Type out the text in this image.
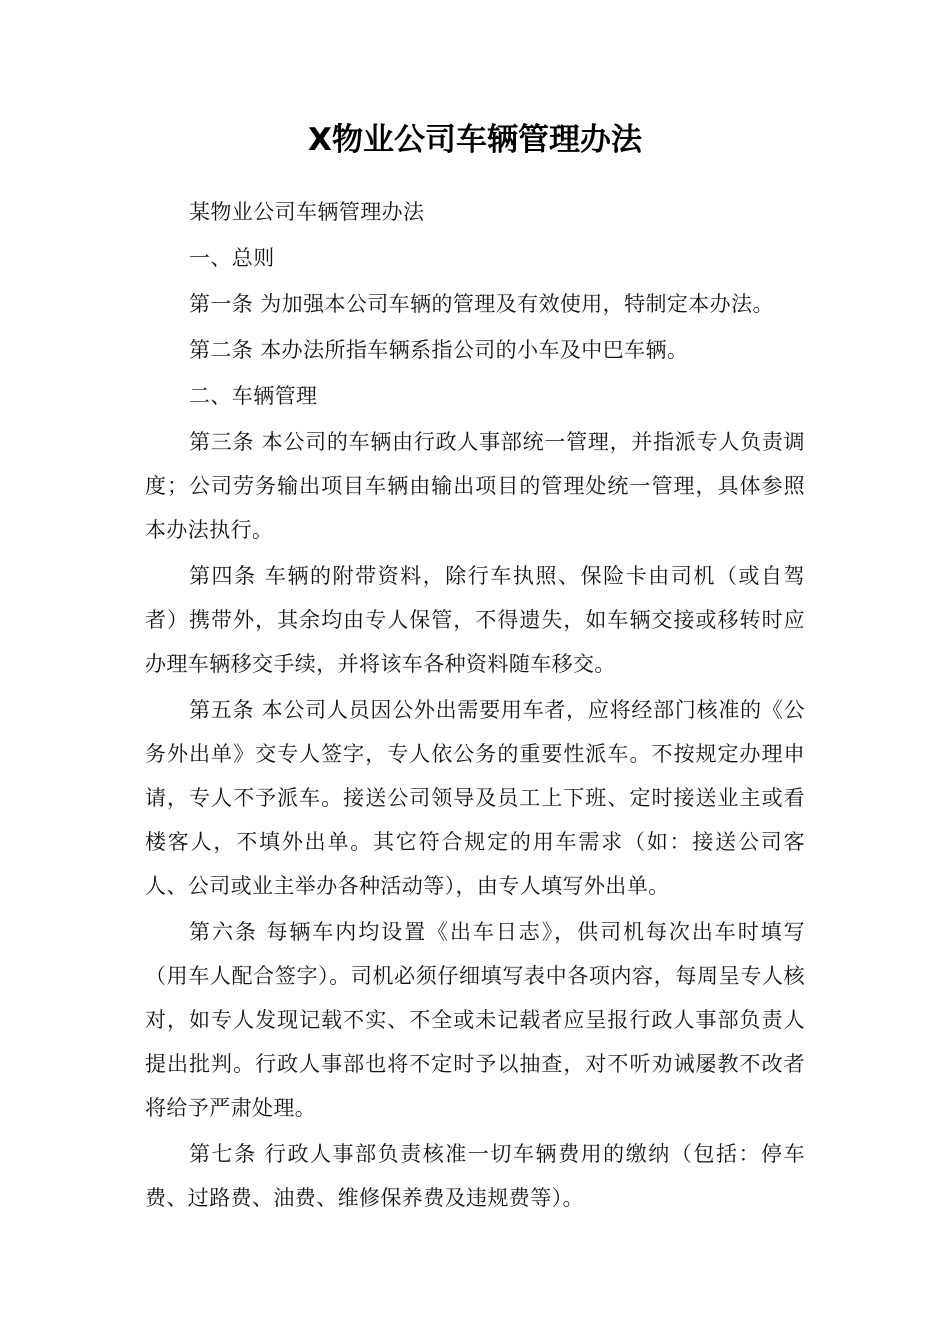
X物业公司车辆管理办法

某物业公司车辆管理办法

一、总则

第一条 为加强本公司车辆的管理及有效使用，特制定本办法。

第二条 本办法所指车辆系指公司的小车及中巴车辆。

二、车辆管理

第三条 本公司的车辆由行政人事部统一管理，并指派专人负责调度；公司劳务输出项目车辆由输出项目的管理处统一管理，具体参照本办法执行。

第四条 车辆的附带资料，除行车执照、保险卡由司机（或自驾者）携带外，其余均由专人保管，不得遗失，如车辆交接或移转时应办理车辆移交手续，并将该车各种资料随车移交。

第五条 本公司人员因公外出需要用车者，应将经部门核准的《公务外出单》交专人签字，专人依公务的重要性派车。不按规定办理申请，专人不予派车。接送公司领导及员工上下班、定时接送业主或看楼客人，不填外出单。其它符合规定的用车需求（如：接送公司客人、公司或业主举办各种活动等），由专人填写外出单。

第六条 每辆车内均设置《出车日志》，供司机每次出车时填写（用车人配合签字）。司机必须仔细填写表中各项内容，每周呈专人核对，如专人发现记载不实、不全或未记载者应呈报行政人事部负责人提出批判。行政人事部也将不定时予以抽查，对不听劝诫屡教不改者将给予严肃处理。

第七条 行政人事部负责核准一切车辆费用的缴纳（包括：停车费、过路费、油费、维修保养费及违规费等）。
